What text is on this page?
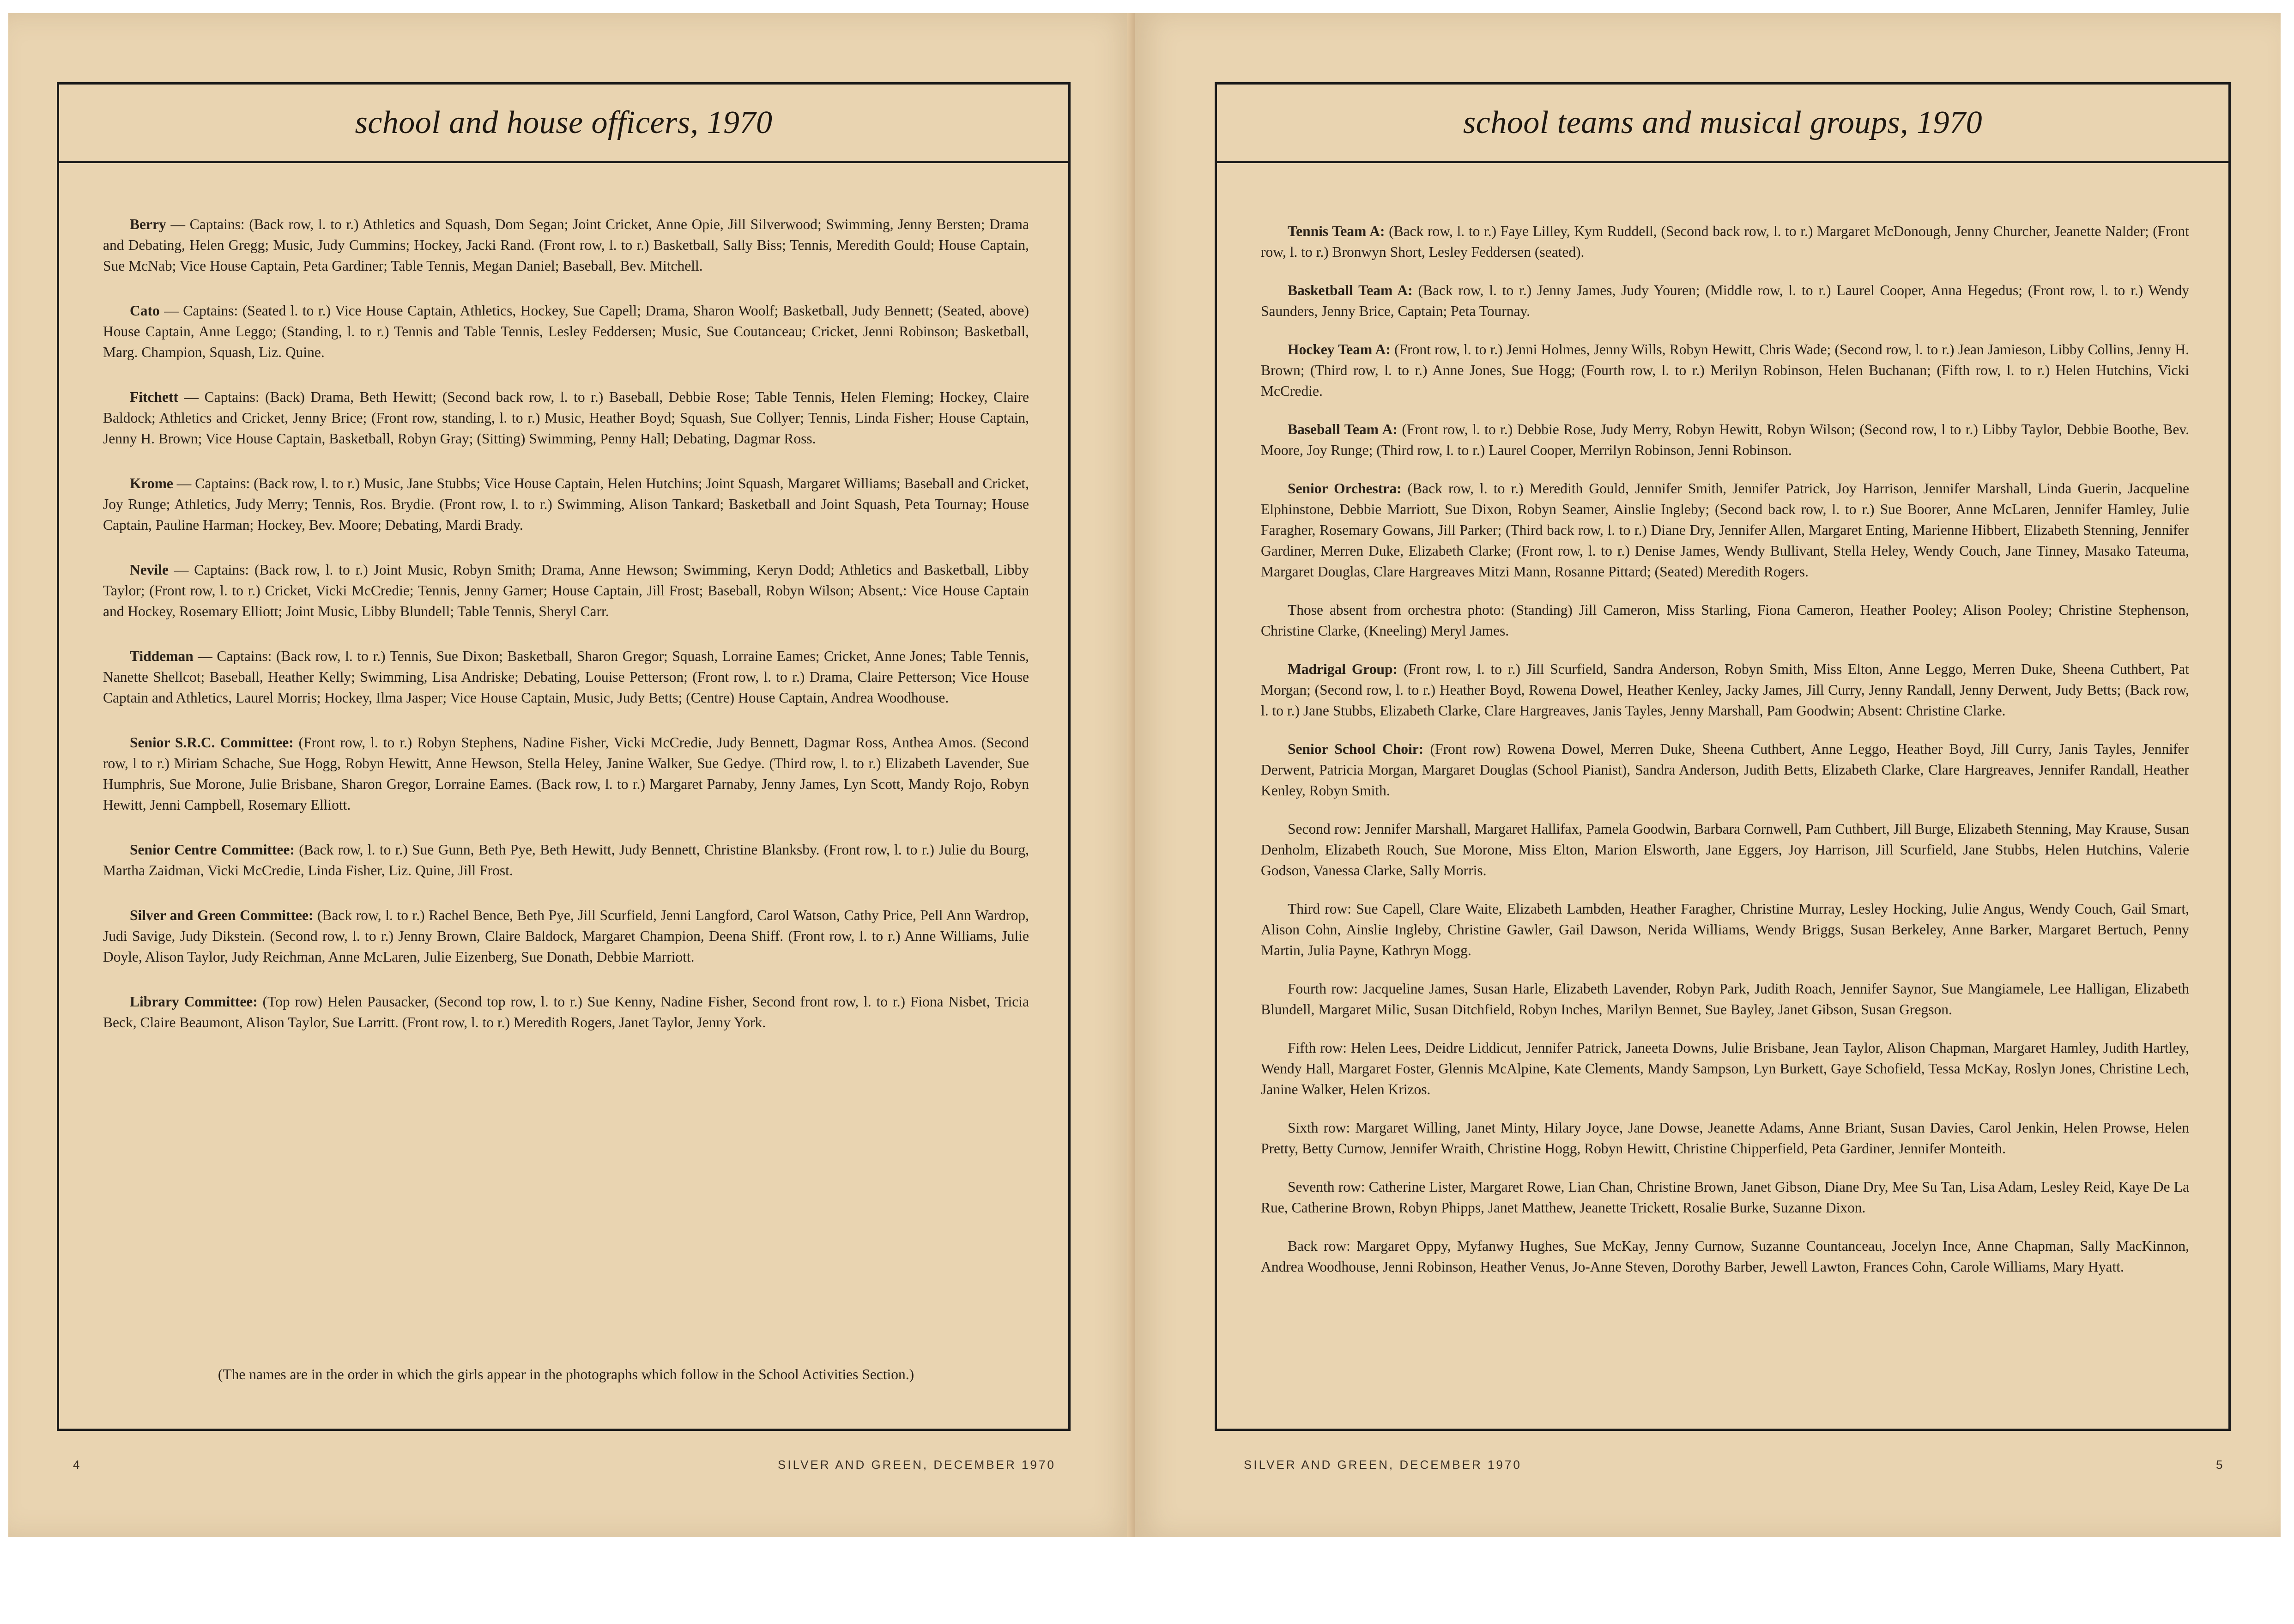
school and house officers, 1970

Berry — Captains: (Back row, l. to r.) Athletics and Squash, Dom Segan; Joint Cricket, Anne Opie, Jill Silverwood; Swimming, Jenny Bersten; Drama and Debating, Helen Gregg; Music, Judy Cummins; Hockey, Jacki Rand. (Front row, l. to r.) Basketball, Sally Biss; Tennis, Meredith Gould; House Captain, Sue McNab; Vice House Captain, Peta Gardiner; Table Tennis, Megan Daniel; Baseball, Bev. Mitchell.

Cato — Captains: (Seated l. to r.) Vice House Captain, Athletics, Hockey, Sue Capell; Drama, Sharon Woolf; Basketball, Judy Bennett; (Seated, above) House Captain, Anne Leggo; (Standing, l. to r.) Tennis and Table Tennis, Lesley Feddersen; Music, Sue Coutanceau; Cricket, Jenni Robinson; Basketball, Marg. Champion, Squash, Liz. Quine.

Fitchett — Captains: (Back) Drama, Beth Hewitt; (Second back row, l. to r.) Baseball, Debbie Rose; Table Tennis, Helen Fleming; Hockey, Claire Baldock; Athletics and Cricket, Jenny Brice; (Front row, standing, l. to r.) Music, Heather Boyd; Squash, Sue Collyer; Tennis, Linda Fisher; House Captain, Jenny H. Brown; Vice House Captain, Basketball, Robyn Gray; (Sitting) Swimming, Penny Hall; Debating, Dagmar Ross.

Krome — Captains: (Back row, l. to r.) Music, Jane Stubbs; Vice House Captain, Helen Hutchins; Joint Squash, Margaret Williams; Baseball and Cricket, Joy Runge; Athletics, Judy Merry; Tennis, Ros. Brydie. (Front row, l. to r.) Swimming, Alison Tankard; Basketball and Joint Squash, Peta Tournay; House Captain, Pauline Harman; Hockey, Bev. Moore; Debating, Mardi Brady.

Nevile — Captains: (Back row, l. to r.) Joint Music, Robyn Smith; Drama, Anne Hewson; Swimming, Keryn Dodd; Athletics and Basketball, Libby Taylor; (Front row, l. to r.) Cricket, Vicki McCredie; Tennis, Jenny Garner; House Captain, Jill Frost; Baseball, Robyn Wilson; Absent,: Vice House Captain and Hockey, Rosemary Elliott; Joint Music, Libby Blundell; Table Tennis, Sheryl Carr.

Tiddeman — Captains: (Back row, l. to r.) Tennis, Sue Dixon; Basketball, Sharon Gregor; Squash, Lorraine Eames; Cricket, Anne Jones; Table Tennis, Nanette Shellcot; Baseball, Heather Kelly; Swimming, Lisa Andriske; Debating, Louise Petterson; (Front row, l. to r.) Drama, Claire Petterson; Vice House Captain and Athletics, Laurel Morris; Hockey, Ilma Jasper; Vice House Captain, Music, Judy Betts; (Centre) House Captain, Andrea Woodhouse.

Senior S.R.C. Committee: (Front row, l. to r.) Robyn Stephens, Nadine Fisher, Vicki McCredie, Judy Bennett, Dagmar Ross, Anthea Amos. (Second row, l to r.) Miriam Schache, Sue Hogg, Robyn Hewitt, Anne Hewson, Stella Heley, Janine Walker, Sue Gedye. (Third row, l. to r.) Elizabeth Lavender, Sue Humphris, Sue Morone, Julie Brisbane, Sharon Gregor, Lorraine Eames. (Back row, l. to r.) Margaret Parnaby, Jenny James, Lyn Scott, Mandy Rojo, Robyn Hewitt, Jenni Campbell, Rosemary Elliott.

Senior Centre Committee: (Back row, l. to r.) Sue Gunn, Beth Pye, Beth Hewitt, Judy Bennett, Christine Blanksby. (Front row, l. to r.) Julie du Bourg, Martha Zaidman, Vicki McCredie, Linda Fisher, Liz. Quine, Jill Frost.

Silver and Green Committee: (Back row, l. to r.) Rachel Bence, Beth Pye, Jill Scurfield, Jenni Langford, Carol Watson, Cathy Price, Pell Ann Wardrop, Judi Savige, Judy Dikstein. (Second row, l. to r.) Jenny Brown, Claire Baldock, Margaret Champion, Deena Shiff. (Front row, l. to r.) Anne Williams, Julie Doyle, Alison Taylor, Judy Reichman, Anne McLaren, Julie Eizenberg, Sue Donath, Debbie Marriott.

Library Committee: (Top row) Helen Pausacker, (Second top row, l. to r.) Sue Kenny, Nadine Fisher, Second front row, l. to r.) Fiona Nisbet, Tricia Beck, Claire Beaumont, Alison Taylor, Sue Larritt. (Front row, l. to r.) Meredith Rogers, Janet Taylor, Jenny York.

(The names are in the order in which the girls appear in the photographs which follow in the School Activities Section.)
4	SILVER AND GREEN, DECEMBER 1970
school teams and musical groups, 1970

Tennis Team A: (Back row, l. to r.) Faye Lilley, Kym Ruddell, (Second back row, l. to r.) Margaret McDonough, Jenny Churcher, Jeanette Nalder; (Front row, l. to r.) Bronwyn Short, Lesley Feddersen (seated).

Basketball Team A: (Back row, l. to r.) Jenny James, Judy Youren; (Middle row, l. to r.) Laurel Cooper, Anna Hegedus; (Front row, l. to r.) Wendy Saunders, Jenny Brice, Captain; Peta Tournay.

Hockey Team A: (Front row, l. to r.) Jenni Holmes, Jenny Wills, Robyn Hewitt, Chris Wade; (Second row, l. to r.) Jean Jamieson, Libby Collins, Jenny H. Brown; (Third row, l. to r.) Anne Jones, Sue Hogg; (Fourth row, l. to r.) Merilyn Robinson, Helen Buchanan; (Fifth row, l. to r.) Helen Hutchins, Vicki McCredie.

Baseball Team A: (Front row, l. to r.) Debbie Rose, Judy Merry, Robyn Hewitt, Robyn Wilson; (Second row, l to r.) Libby Taylor, Debbie Boothe, Bev. Moore, Joy Runge; (Third row, l. to r.) Laurel Cooper, Merrilyn Robinson, Jenni Robinson.

Senior Orchestra: (Back row, l. to r.) Meredith Gould, Jennifer Smith, Jennifer Patrick, Joy Harrison, Jennifer Marshall, Linda Guerin, Jacqueline Elphinstone, Debbie Marriott, Sue Dixon, Robyn Seamer, Ainslie Ingleby; (Second back row, l. to r.) Sue Boorer, Anne McLaren, Jennifer Hamley, Julie Faragher, Rosemary Gowans, Jill Parker; (Third back row, l. to r.) Diane Dry, Jennifer Allen, Margaret Enting, Marienne Hibbert, Elizabeth Stenning, Jennifer Gardiner, Merren Duke, Elizabeth Clarke; (Front row, l. to r.) Denise James, Wendy Bullivant, Stella Heley, Wendy Couch, Jane Tinney, Masako Tateuma, Margaret Douglas, Clare Hargreaves Mitzi Mann, Rosanne Pittard; (Seated) Meredith Rogers.

Those absent from orchestra photo: (Standing) Jill Cameron, Miss Starling, Fiona Cameron, Heather Pooley; Alison Pooley; Christine Stephenson, Christine Clarke, (Kneeling) Meryl James.

Madrigal Group: (Front row, l. to r.) Jill Scurfield, Sandra Anderson, Robyn Smith, Miss Elton, Anne Leggo, Merren Duke, Sheena Cuthbert, Pat Morgan; (Second row, l. to r.) Heather Boyd, Rowena Dowel, Heather Kenley, Jacky James, Jill Curry, Jenny Randall, Jenny Derwent, Judy Betts; (Back row, l. to r.) Jane Stubbs, Elizabeth Clarke, Clare Hargreaves, Janis Tayles, Jenny Marshall, Pam Goodwin; Absent: Christine Clarke.

Senior School Choir: (Front row) Rowena Dowel, Merren Duke, Sheena Cuthbert, Anne Leggo, Heather Boyd, Jill Curry, Janis Tayles, Jennifer Derwent, Patricia Morgan, Margaret Douglas (School Pianist), Sandra Anderson, Judith Betts, Elizabeth Clarke, Clare Hargreaves, Jennifer Randall, Heather Kenley, Robyn Smith.

Second row: Jennifer Marshall, Margaret Hallifax, Pamela Goodwin, Barbara Cornwell, Pam Cuthbert, Jill Burge, Elizabeth Stenning, May Krause, Susan Denholm, Elizabeth Rouch, Sue Morone, Miss Elton, Marion Elsworth, Jane Eggers, Joy Harrison, Jill Scurfield, Jane Stubbs, Helen Hutchins, Valerie Godson, Vanessa Clarke, Sally Morris.

Third row: Sue Capell, Clare Waite, Elizabeth Lambden, Heather Faragher, Christine Murray, Lesley Hocking, Julie Angus, Wendy Couch, Gail Smart, Alison Cohn, Ainslie Ingleby, Christine Gawler, Gail Dawson, Nerida Williams, Wendy Briggs, Susan Berkeley, Anne Barker, Margaret Bertuch, Penny Martin, Julia Payne, Kathryn Mogg.

Fourth row: Jacqueline James, Susan Harle, Elizabeth Lavender, Robyn Park, Judith Roach, Jennifer Saynor, Sue Mangiamele, Lee Halligan, Elizabeth Blundell, Margaret Milic, Susan Ditchfield, Robyn Inches, Marilyn Bennet, Sue Bayley, Janet Gibson, Susan Gregson.

Fifth row: Helen Lees, Deidre Liddicut, Jennifer Patrick, Janeeta Downs, Julie Brisbane, Jean Taylor, Alison Chapman, Margaret Hamley, Judith Hartley, Wendy Hall, Margaret Foster, Glennis McAlpine, Kate Clements, Mandy Sampson, Lyn Burkett, Gaye Schofield, Tessa McKay, Roslyn Jones, Christine Lech, Janine Walker, Helen Krizos.

Sixth row: Margaret Willing, Janet Minty, Hilary Joyce, Jane Dowse, Jeanette Adams, Anne Briant, Susan Davies, Carol Jenkin, Helen Prowse, Helen Pretty, Betty Curnow, Jennifer Wraith, Christine Hogg, Robyn Hewitt, Christine Chipperfield, Peta Gardiner, Jennifer Monteith.

Seventh row: Catherine Lister, Margaret Rowe, Lian Chan, Christine Brown, Janet Gibson, Diane Dry, Mee Su Tan, Lisa Adam, Lesley Reid, Kaye De La Rue, Catherine Brown, Robyn Phipps, Janet Matthew, Jeanette Trickett, Rosalie Burke, Suzanne Dixon.

Back row: Margaret Oppy, Myfanwy Hughes, Sue McKay, Jenny Curnow, Suzanne Countanceau, Jocelyn Ince, Anne Chapman, Sally MacKinnon, Andrea Woodhouse, Jenni Robinson, Heather Venus, Jo-Anne Steven, Dorothy Barber, Jewell Lawton, Frances Cohn, Carole Williams, Mary Hyatt.

SILVER AND GREEN, DECEMBER 1970	5
